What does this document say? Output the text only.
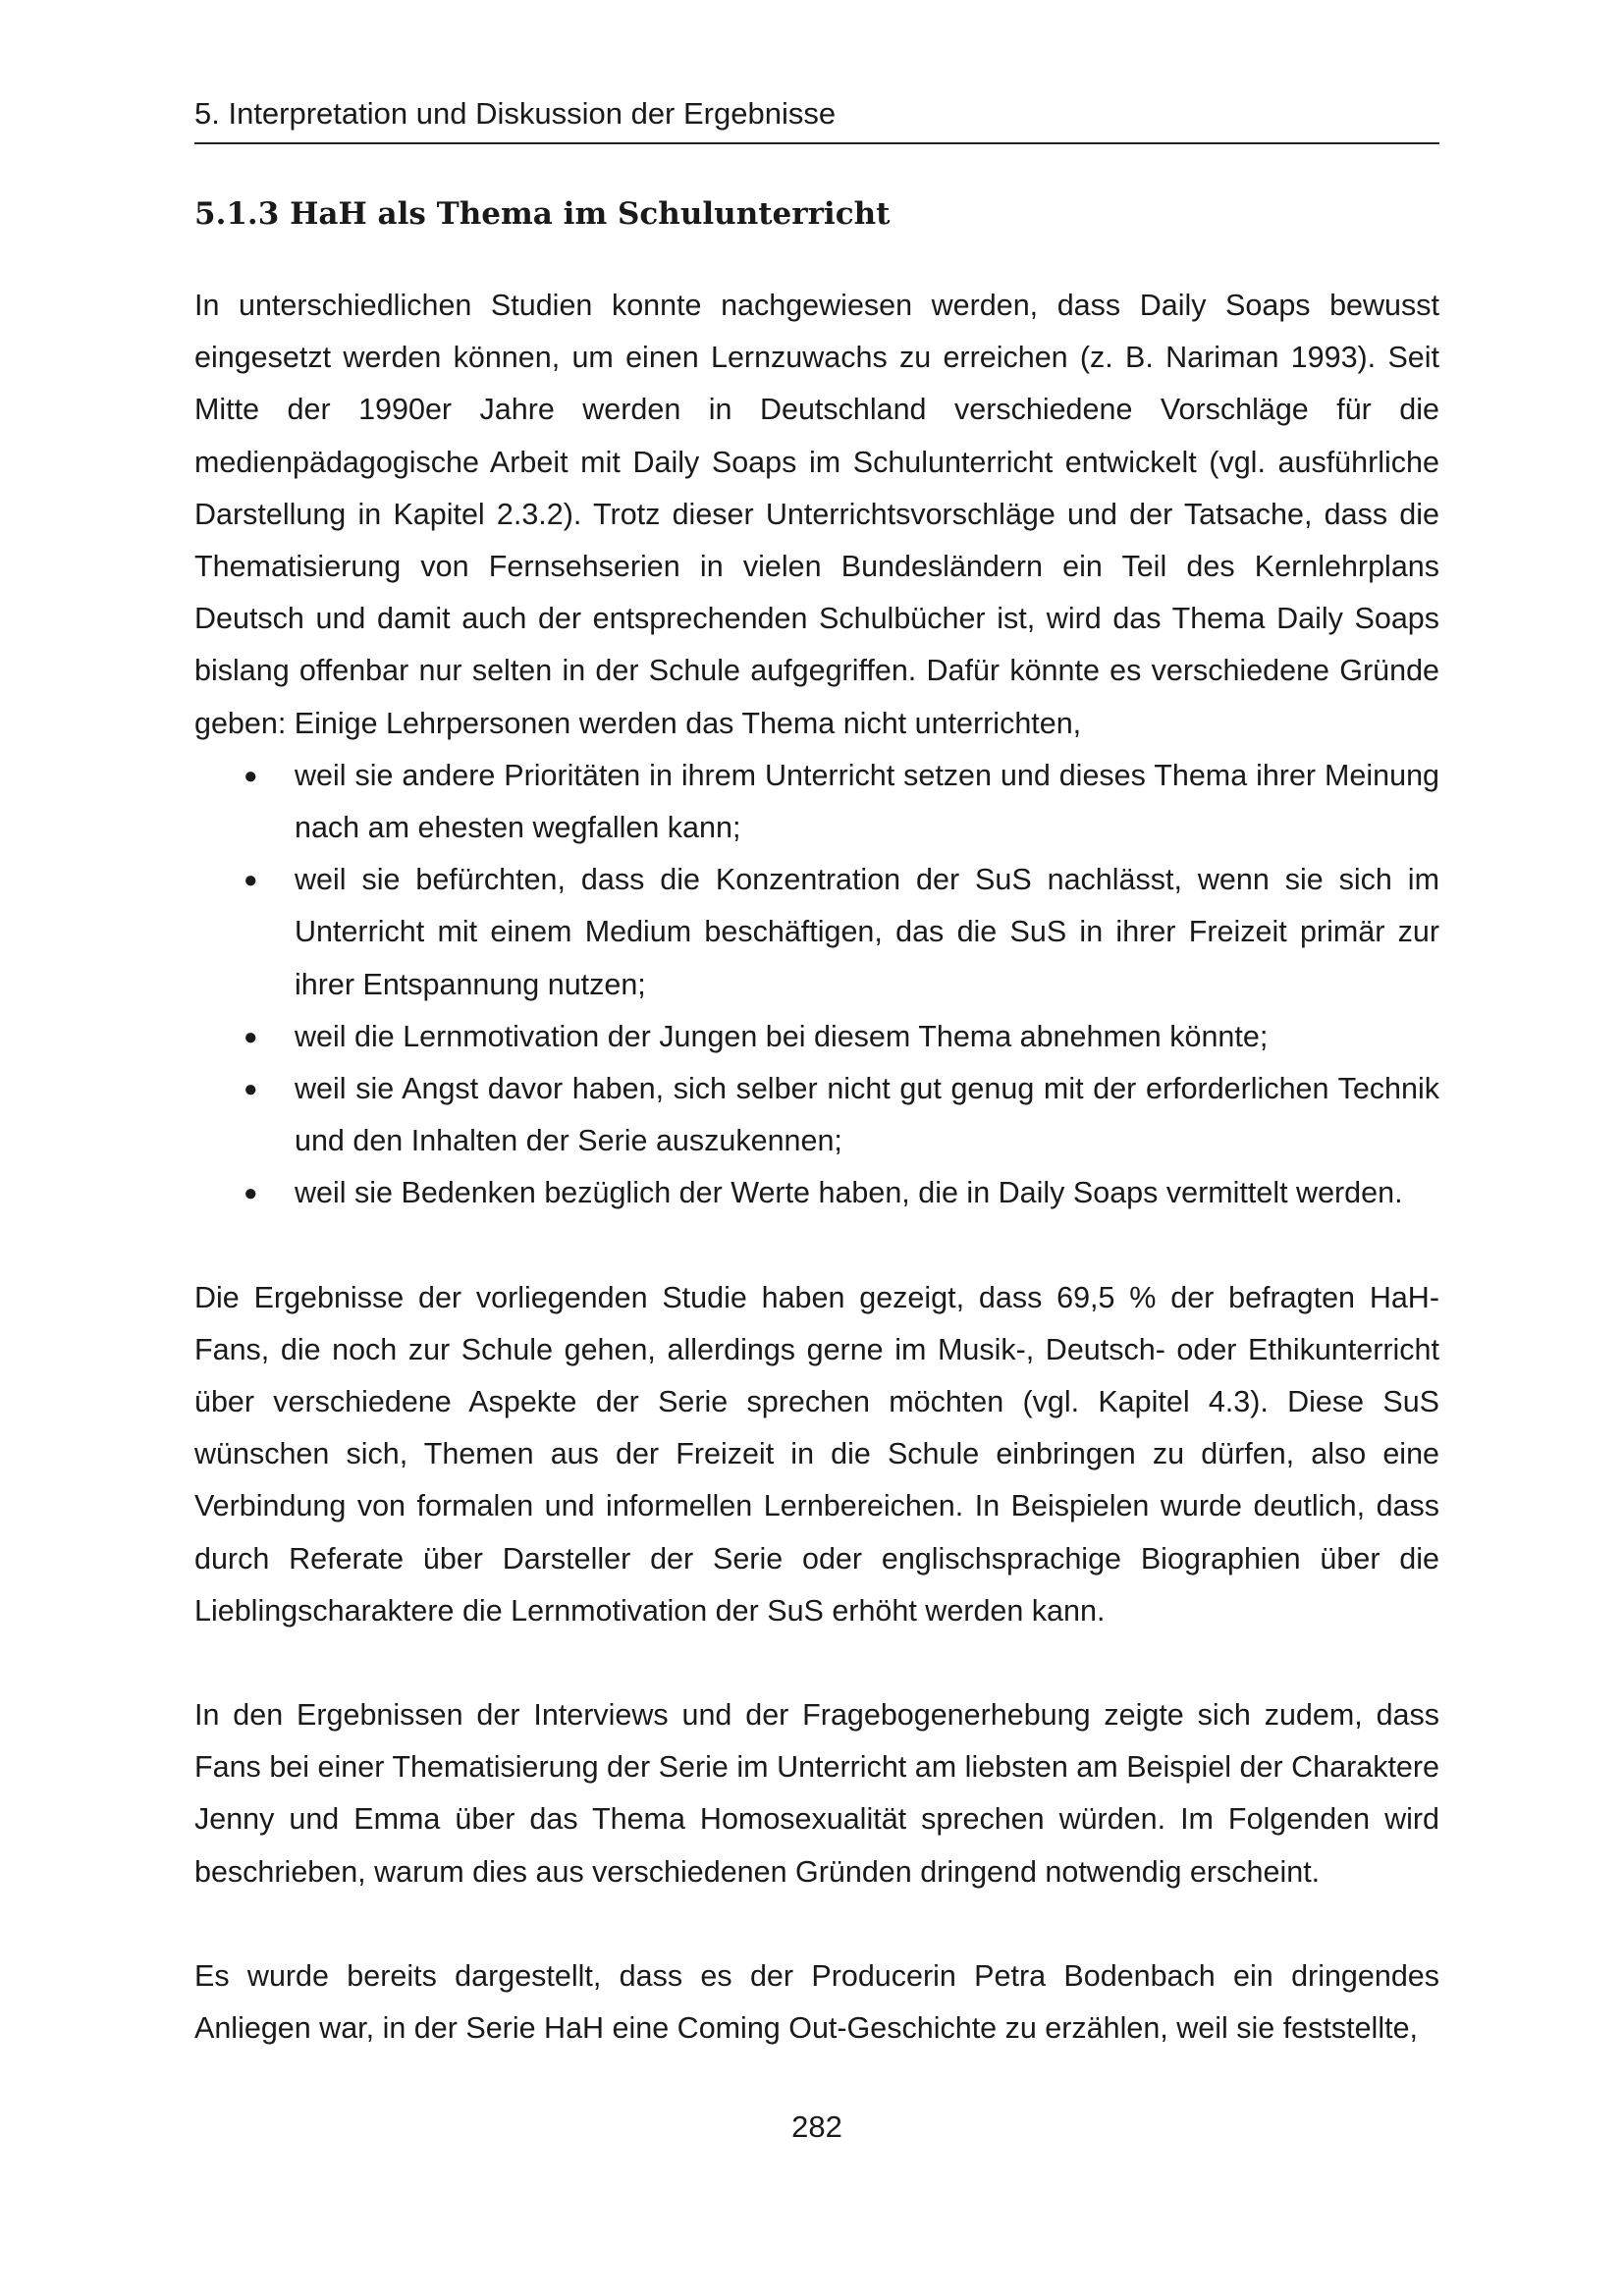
5. Interpretation und Diskussion der Ergebnisse
5.1.3 HaH als Thema im Schulunterricht

In unterschiedlichen Studien konnte nachgewiesen werden, dass Daily Soaps bewusst eingesetzt werden können, um einen Lernzuwachs zu erreichen (z. B. Nariman 1993). Seit Mitte der 1990er Jahre werden in Deutschland verschiedene Vorschläge für die medienpädagogische Arbeit mit Daily Soaps im Schulunterricht entwickelt (vgl. ausführliche Darstellung in Kapitel 2.3.2). Trotz dieser Unterrichtsvorschläge und der Tatsache, dass die Thematisierung von Fernsehserien in vielen Bundesländern ein Teil des Kernlehrplans Deutsch und damit auch der entsprechenden Schulbücher ist, wird das Thema Daily Soaps bislang offenbar nur selten in der Schule aufgegriffen. Dafür könnte es verschiedene Gründe geben: Einige Lehrpersonen werden das Thema nicht unterrichten,

● weil sie andere Prioritäten in ihrem Unterricht setzen und dieses Thema ihrer Meinung nach am ehesten wegfallen kann;
● weil sie befürchten, dass die Konzentration der SuS nachlässt, wenn sie sich im Unterricht mit einem Medium beschäftigen, das die SuS in ihrer Freizeit primär zur ihrer Entspannung nutzen;
● weil die Lernmotivation der Jungen bei diesem Thema abnehmen könnte;
● weil sie Angst davor haben, sich selber nicht gut genug mit der erforderlichen Technik und den Inhalten der Serie auszukennen;
● weil sie Bedenken bezüglich der Werte haben, die in Daily Soaps vermittelt werden.

Die Ergebnisse der vorliegenden Studie haben gezeigt, dass 69,5 % der befragten HaH-Fans, die noch zur Schule gehen, allerdings gerne im Musik-, Deutsch- oder Ethikunterricht über verschiedene Aspekte der Serie sprechen möchten (vgl. Kapitel 4.3). Diese SuS wünschen sich, Themen aus der Freizeit in die Schule einbringen zu dürfen, also eine Verbindung von formalen und informellen Lernbereichen. In Beispielen wurde deutlich, dass durch Referate über Darsteller der Serie oder englischsprachige Biographien über die Lieblingscharaktere die Lernmotivation der SuS erhöht werden kann.

In den Ergebnissen der Interviews und der Fragebogenerhebung zeigte sich zudem, dass Fans bei einer Thematisierung der Serie im Unterricht am liebsten am Beispiel der Charaktere Jenny und Emma über das Thema Homosexualität sprechen würden. Im Folgenden wird beschrieben, warum dies aus verschiedenen Gründen dringend notwendig erscheint.

Es wurde bereits dargestellt, dass es der Producerin Petra Bodenbach ein dringendes Anliegen war, in der Serie HaH eine Coming Out-Geschichte zu erzählen, weil sie feststellte,

282
